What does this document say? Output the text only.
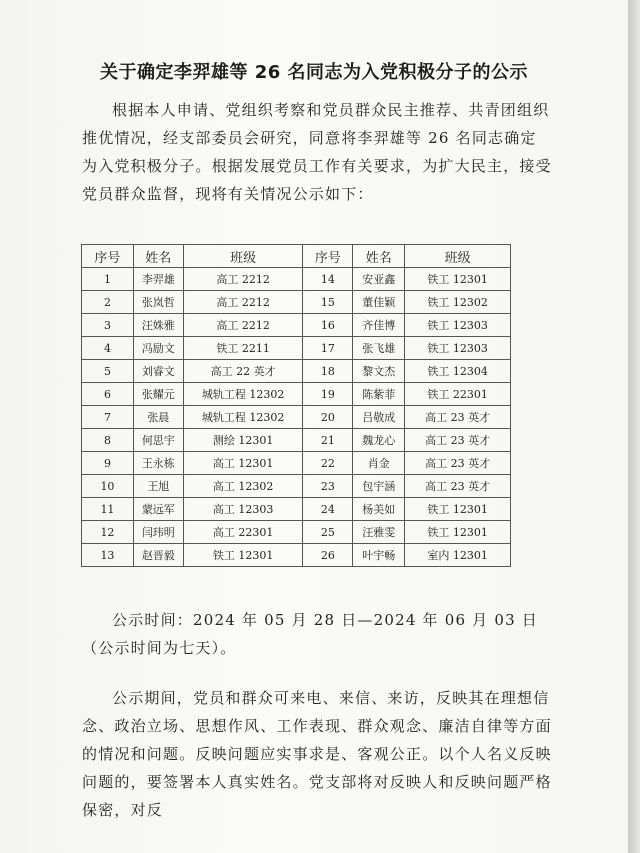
关于确定李羿雄等 26 名同志为入党积极分子的公示
根据本人申请、党组织考察和党员群众民主推荐、共青团组织推优情况，经支部委员会研究，同意将李羿雄等 26 名同志确定为入党积极分子。根据发展党员工作有关要求，为扩大民主，接受党员群众监督，现将有关情况公示如下：
序号	姓名	班级	序号	姓名	班级
1	李羿雄	高工 2212	14	安亚鑫	铁工 12301
2	张岚哲	高工 2212	15	董佳颖	铁工 12302
3	汪姝雅	高工 2212	16	齐佳博	铁工 12303
4	冯励文	铁工 2211	17	张飞雄	铁工 12303
5	刘睿文	高工 22 英才	18	黎文杰	铁工 12304
6	张耀元	城轨工程 12302	19	陈紫菲	铁工 22301
7	张晨	城轨工程 12302	20	吕敬成	高工 23 英才
8	何思宇	测绘 12301	21	魏龙心	高工 23 英才
9	王永栋	高工 12301	22	肖金	高工 23 英才
10	王旭	高工 12302	23	包宇涵	高工 23 英才
11	蒙远军	高工 12303	24	杨美如	铁工 12301
12	闫玮明	高工 22301	25	汪雅雯	铁工 12301
13	赵晋毅	铁工 12301	26	叶宇畅	室内 12301
公示时间：2024 年 05 月 28 日—2024 年 06 月 03 日（公示时间为七天）。
公示期间，党员和群众可来电、来信、来访，反映其在理想信念、政治立场、思想作风、工作表现、群众观念、廉洁自律等方面的情况和问题。反映问题应实事求是、客观公正。以个人名义反映问题的，要签署本人真实姓名。党支部将对反映人和反映问题严格保密，对反
